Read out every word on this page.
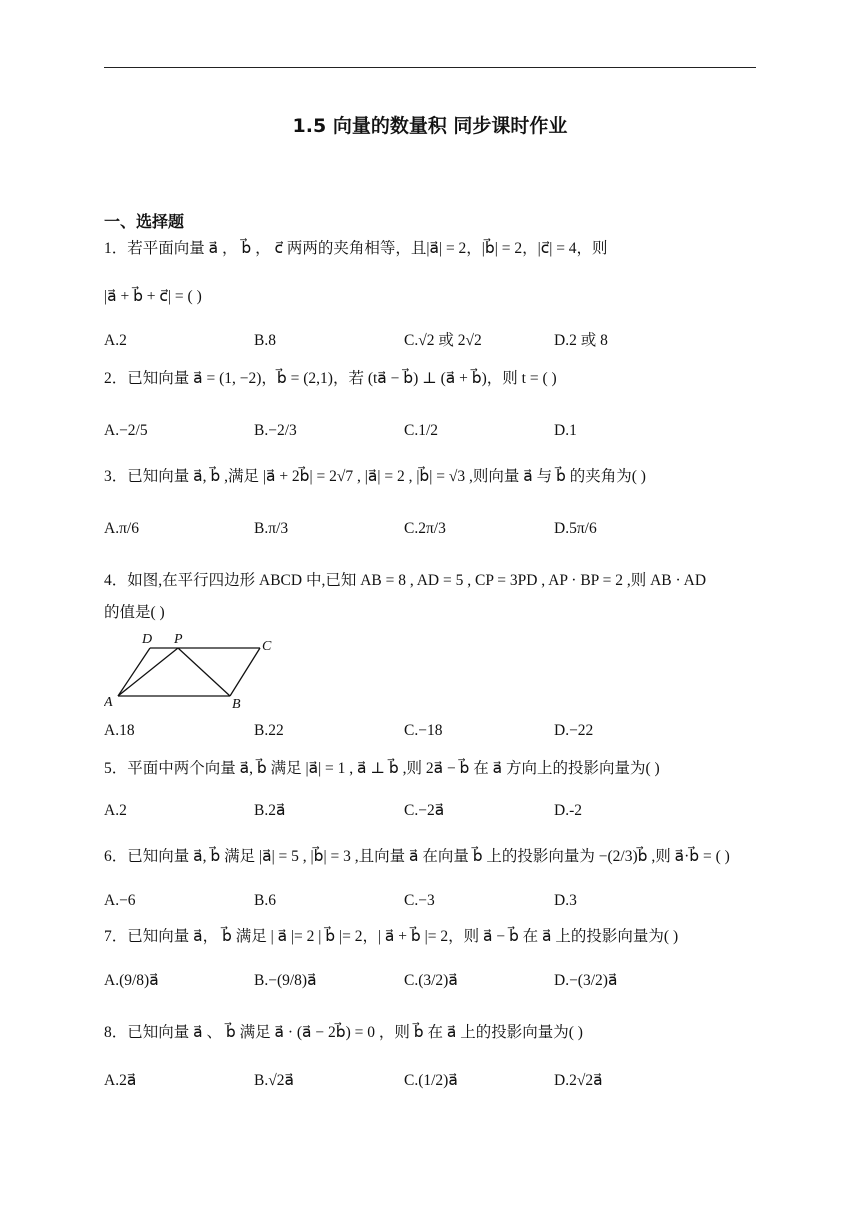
1.5 向量的数量积 同步课时作业
一、选择题
1．若平面向量 a⃗ ， b⃗ ， c⃗ 两两的夹角相等，且|a⃗| = 2，|b⃗| = 2，|c⃗| = 4，则
|a⃗ + b⃗ + c⃗| = ( )
A.2	B.8	C.√2 或 2√2	D.2 或 8
2．已知向量 a⃗ = (1, −2)，b⃗ = (2,1)，若 (ta⃗ − b⃗) ⊥ (a⃗ + b⃗)，则 t = ( )
A.−2/5	B.−2/3	C.1/2	D.1
3．已知向量 a⃗, b⃗ ,满足 |a⃗ + 2b⃗| = 2√7 , |a⃗| = 2 , |b⃗| = √3 ,则向量 a⃗ 与 b⃗ 的夹角为( )
A.π/6	B.π/3	C.2π/3	D.5π/6
4．如图,在平行四边形 ABCD 中,已知 AB = 8 , AD = 5 , CP = 3PD , AP · BP = 2 ,则 AB · AD
的值是( )
D P	C
A	B
A.18	B.22	C.−18	D.−22
5．平面中两个向量 a⃗, b⃗ 满足 |a⃗| = 1 , a⃗ ⊥ b⃗ ,则 2a⃗ − b⃗ 在 a⃗ 方向上的投影向量为( )
A.2	B.2a⃗	C.−2a⃗	D.-2
6．已知向量 a⃗, b⃗ 满足 |a⃗| = 5 , |b⃗| = 3 ,且向量 a⃗ 在向量 b⃗ 上的投影向量为 −(2/3)b⃗ ,则 a⃗·b⃗ = ( )
A.−6	B.6	C.−3	D.3
7．已知向量 a⃗， b⃗ 满足 | a⃗ |= 2 | b⃗ |= 2，| a⃗ + b⃗ |= 2，则 a⃗ − b⃗ 在 a⃗ 上的投影向量为( )
A.(9/8)a⃗	B.−(9/8)a⃗	C.(3/2)a⃗	D.−(3/2)a⃗
8．已知向量 a⃗ 、 b⃗ 满足 a⃗ · (a⃗ − 2b⃗) = 0 ，则 b⃗ 在 a⃗ 上的投影向量为( )
A.2a⃗	B.√2a⃗	C.(1/2)a⃗	D.2√2a⃗
